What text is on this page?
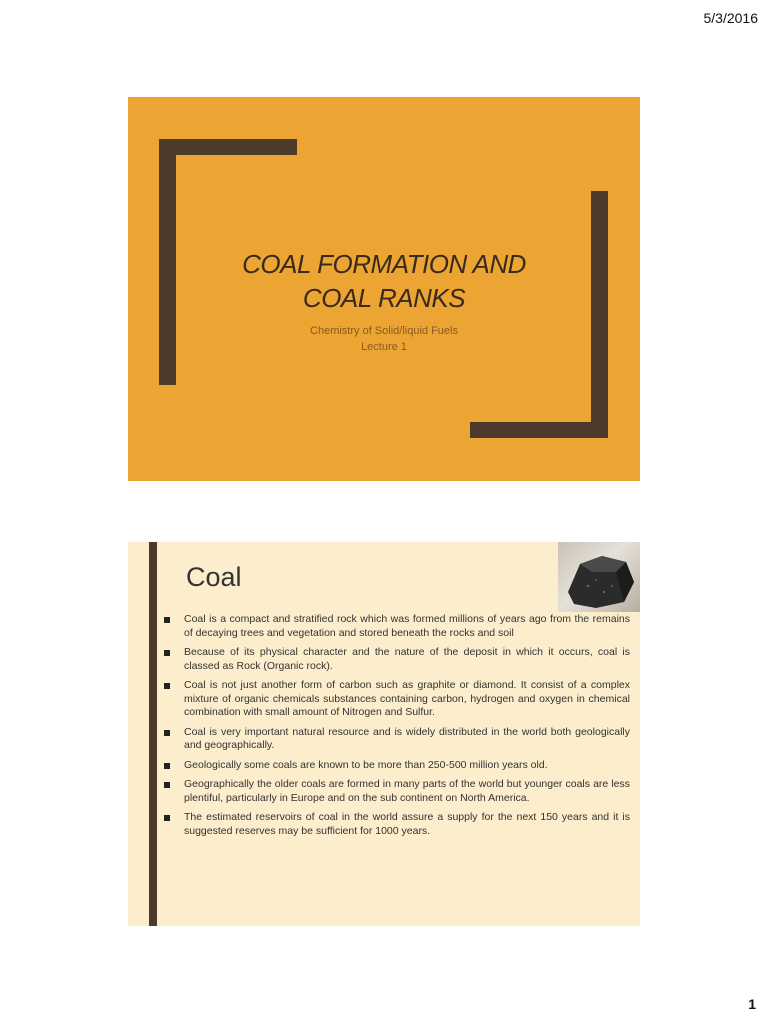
5/3/2016
COAL FORMATION AND
COAL RANKS
Chemistry of Solid/liquid Fuels
Lecture 1
Coal
Coal is a compact and stratified rock which was formed millions of years ago from the remains of decaying trees and vegetation and stored beneath the rocks and soil
Because of its physical character and the nature of the deposit in which it occurs, coal is classed as Rock (Organic rock).
Coal is not just another form of carbon such as graphite or diamond. It consist of a complex mixture of organic chemicals substances containing carbon, hydrogen and oxygen in chemical combination with small amount of Nitrogen and Sulfur.
Coal is very important natural resource and is widely distributed in the world both geologically and geographically.
Geologically some coals are known to be more than 250-500 million years old.
Geographically the older coals are formed in many parts of the world but younger coals are less plentiful, particularly in Europe and on the sub continent on North America.
The estimated reservoirs of coal in the world assure a supply for the next 150 years and it is suggested reserves may be sufficient for 1000 years.
1
